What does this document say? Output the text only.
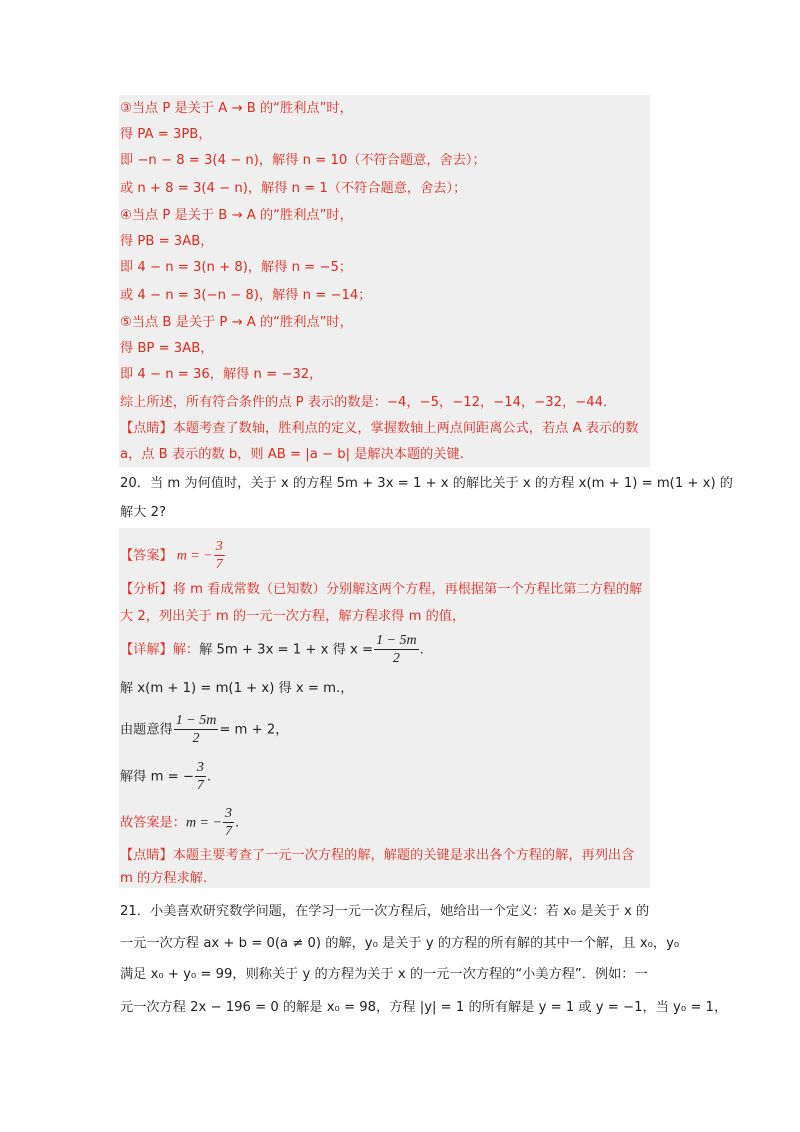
③当点 P 是关于 A → B 的“胜利点”时，
得 PA = 3PB，
即 −n − 8 = 3(4 − n)，解得 n = 10（不符合题意，舍去）；
或 n + 8 = 3(4 − n)，解得 n = 1（不符合题意，舍去）；
④当点 P 是关于 B → A 的“胜利点”时，
得 PB = 3AB，
即 4 − n = 3(n + 8)，解得 n = −5；
或 4 − n = 3(−n − 8)，解得 n = −14；
⑤当点 B 是关于 P → A 的“胜利点”时，
得 BP = 3AB，
即 4 − n = 36，解得 n = −32，
综上所述，所有符合条件的点 P 表示的数是：−4，−5，−12，−14，−32，−44．
【点睛】本题考查了数轴，胜利点的定义，掌握数轴上两点间距离公式，若点 A 表示的数
a，点 B 表示的数 b，则 AB = |a − b| 是解决本题的关键.
20．当 m 为何值时，关于 x 的方程 5m + 3x = 1 + x 的解比关于 x 的方程 x(m + 1) = m(1 + x) 的
解大 2?
【答案】 m = − $\frac{3}{7}$
【分析】将 m 看成常数（已知数）分别解这两个方程，再根据第一个方程比第二方程的解
大 2，列出关于 m 的一元一次方程，解方程求得 m 的值，
【详解】解：解 5m + 3x = 1 + x 得 $x = \frac{1 - 5m}{2}$ .
解 x(m + 1) = m(1 + x) 得 x = m.，
由题意得 $\frac{1 - 5m}{2} = m + 2$，
解得 m = − $\frac{3}{7}$ .
故答案是：m = − $\frac{3}{7}$ .
【点睛】本题主要考查了一元一次方程的解，解题的关键是求出各个方程的解，再列出含
m 的方程求解.
21．小美喜欢研究数学问题，在学习一元一次方程后，她给出一个定义：若 x₀ 是关于 x 的
一元一次方程 ax + b = 0(a ≠ 0) 的解，y₀ 是关于 y 的方程的所有解的其中一个解，且 x₀，y₀
满足 x₀ + y₀ = 99，则称关于 y 的方程为关于 x 的一元一次方程的“小美方程”．例如：一
元一次方程 2x − 196 = 0 的解是 x₀ = 98，方程 |y| = 1 的所有解是 y = 1 或 y = −1，当 y₀ = 1，
